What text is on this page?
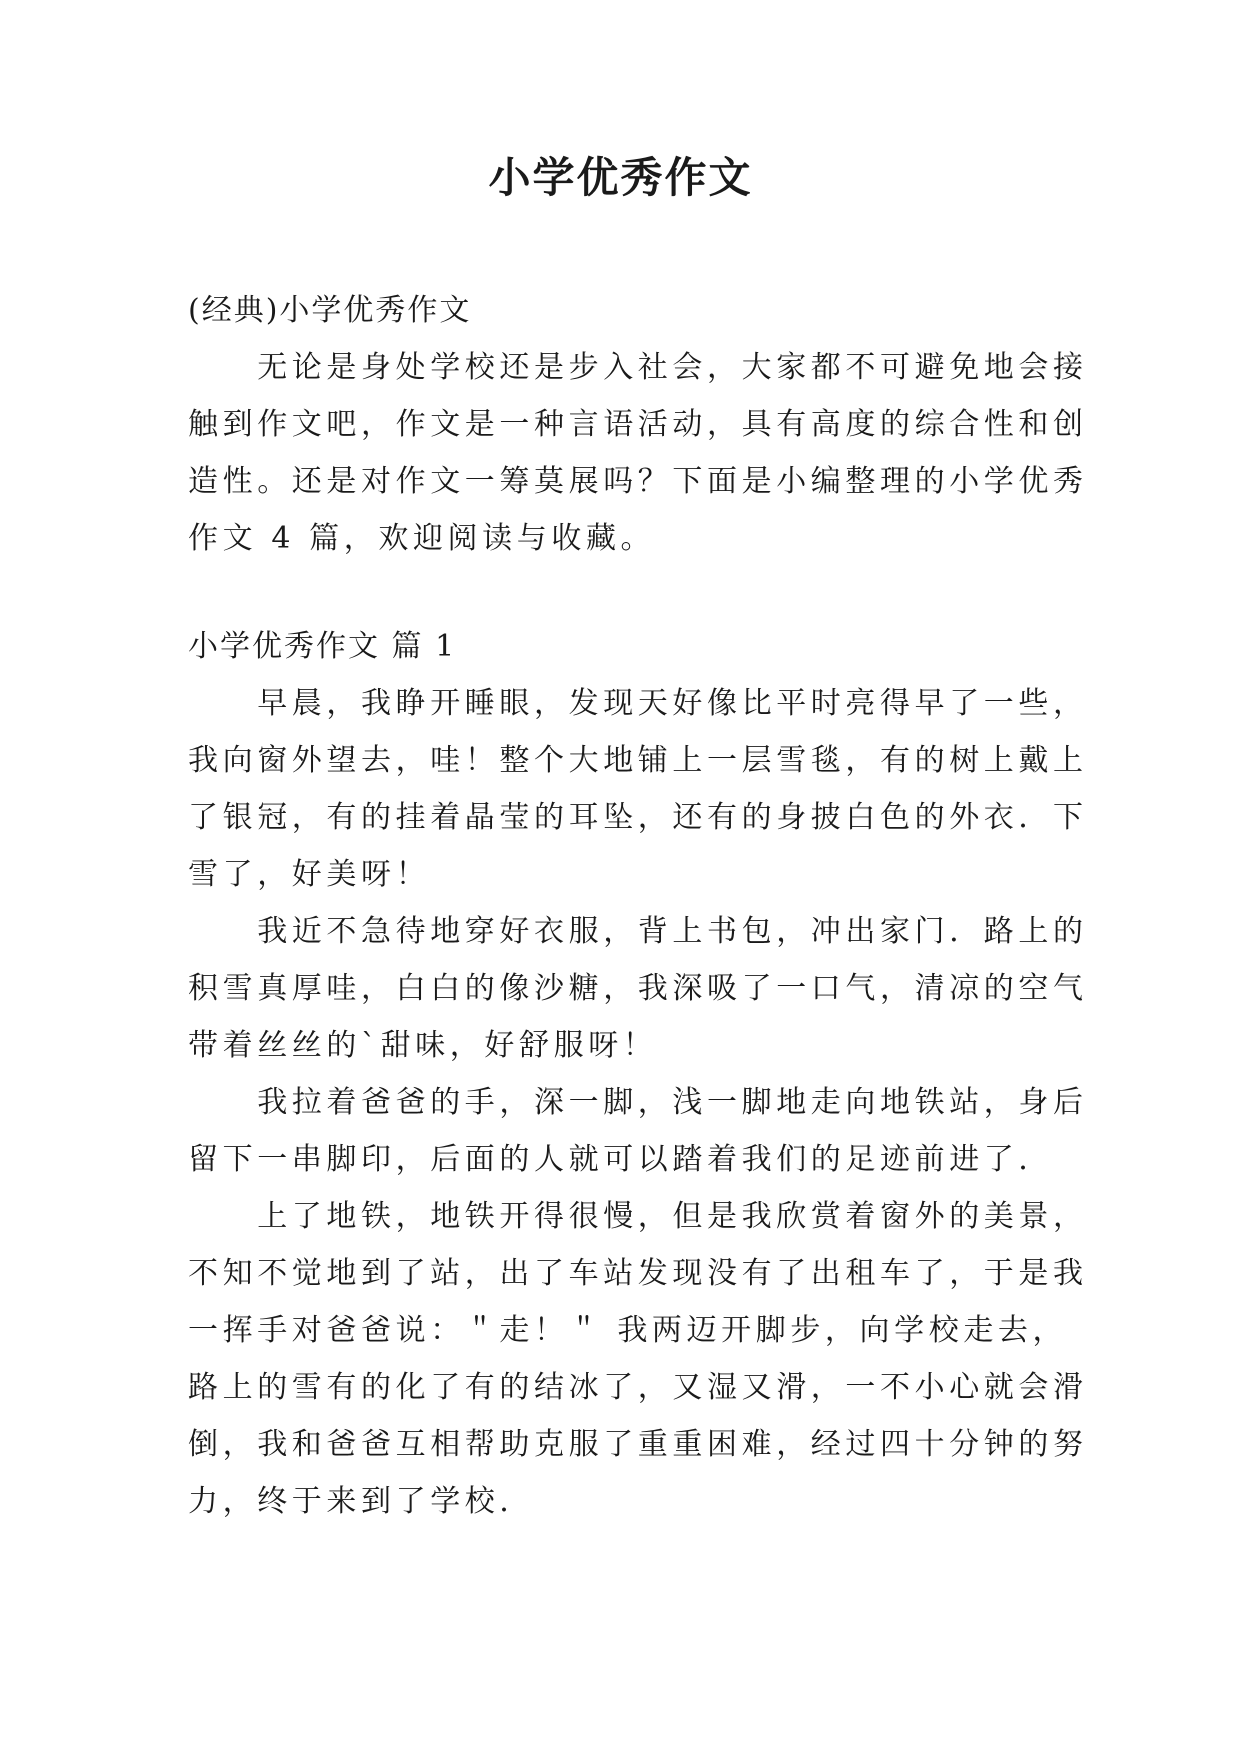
小学优秀作文
(经典)小学优秀作文
　　无论是身处学校还是步入社会，大家都不可避免地会接
触到作文吧，作文是一种言语活动，具有高度的综合性和创
造性。还是对作文一筹莫展吗？下面是小编整理的小学优秀
作文 4 篇，欢迎阅读与收藏。
小学优秀作文 篇 1
　　早晨，我睁开睡眼，发现天好像比平时亮得早了一些，
我向窗外望去，哇！整个大地铺上一层雪毯，有的树上戴上
了银冠，有的挂着晶莹的耳坠，还有的身披白色的外衣．下
雪了，好美呀！
　　我近不急待地穿好衣服，背上书包，冲出家门．路上的
积雪真厚哇，白白的像沙糖，我深吸了一口气，清凉的空气
带着丝丝的`甜味，好舒服呀！
　　我拉着爸爸的手，深一脚，浅一脚地走向地铁站，身后
留下一串脚印，后面的人就可以踏着我们的足迹前进了．
　　上了地铁，地铁开得很慢，但是我欣赏着窗外的美景，
不知不觉地到了站，出了车站发现没有了出租车了，于是我
一挥手对爸爸说：＂走！＂ 我两迈开脚步，向学校走去，
路上的雪有的化了有的结冰了，又湿又滑，一不小心就会滑
倒，我和爸爸互相帮助克服了重重困难，经过四十分钟的努
力，终于来到了学校．
